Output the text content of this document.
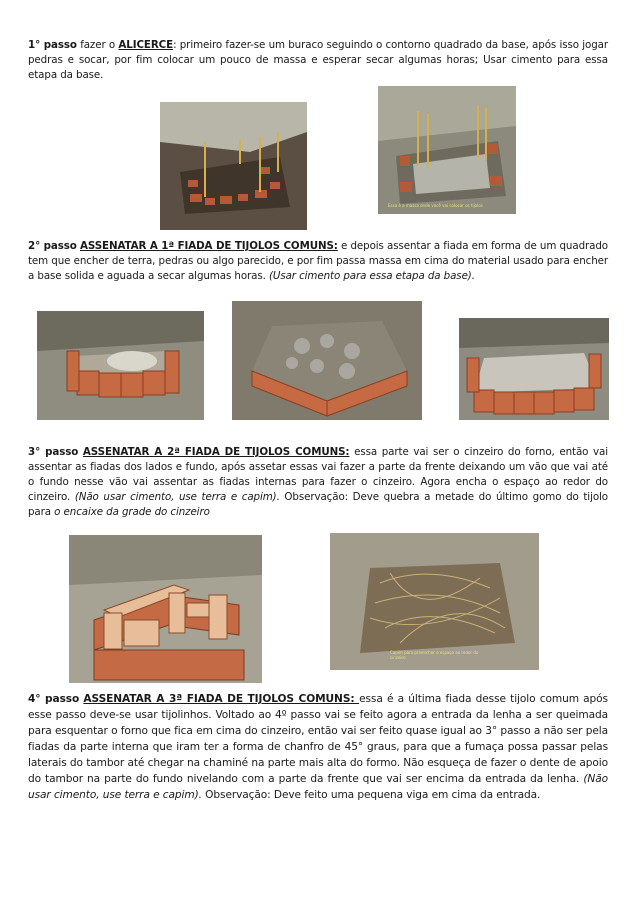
1° passo fazer o ALICERCE: primeiro fazer-se um buraco seguindo o contorno quadrado da base, após isso jogar pedras e socar, por fim colocar um pouco de massa e esperar secar algumas horas; Usar cimento para essa etapa da base.
Essa é a massa onde você vai colocar os tijolos
2° passo ASSENATAR A 1ª FIADA DE TIJOLOS COMUNS: e depois assentar a fiada em forma de um quadrado tem que encher de terra, pedras ou algo parecido, e por fim passa massa em cima do material usado para encher a base solida e aguada a secar algumas horas. (Usar cimento para essa etapa da base).
3° passo ASSENATAR A 2ª FIADA DE TIJOLOS COMUNS: essa parte vai ser o cinzeiro do forno, então vai assentar as fiadas dos lados e fundo, após assetar essas vai fazer a parte da frente deixando um vão que vai até o fundo nesse vão vai assentar as fiadas internas para fazer o cinzeiro. Agora encha o espaço ao redor do cinzeiro. (Não usar cimento, use terra e capim). Observação: Deve quebra a metade do último gomo do tijolo para o encaixe da grade do cinzeiro
Capim para preencher o espaço ao redor do cinzeiro
4° passo ASSENATAR A 3ª FIADA DE TIJOLOS COMUNS: essa é a última fiada desse tijolo comum após esse passo deve-se usar tijolinhos. Voltado ao 4º passo vai se feito agora a entrada da lenha a ser queimada para esquentar o forno que fica em cima do cinzeiro, então vai ser feito quase igual ao 3° passo a não ser pela fiadas da parte interna que iram ter a forma de chanfro de 45° graus, para que a fumaça possa passar pelas laterais do tambor até chegar na chaminé na parte mais alta do formo. Não esqueça de fazer o dente de apoio do tambor na parte do fundo nivelando com a parte da frente que vai ser encima da entrada da lenha. (Não usar cimento, use terra e capim). Observação: Deve feito uma pequena viga em cima da entrada.
